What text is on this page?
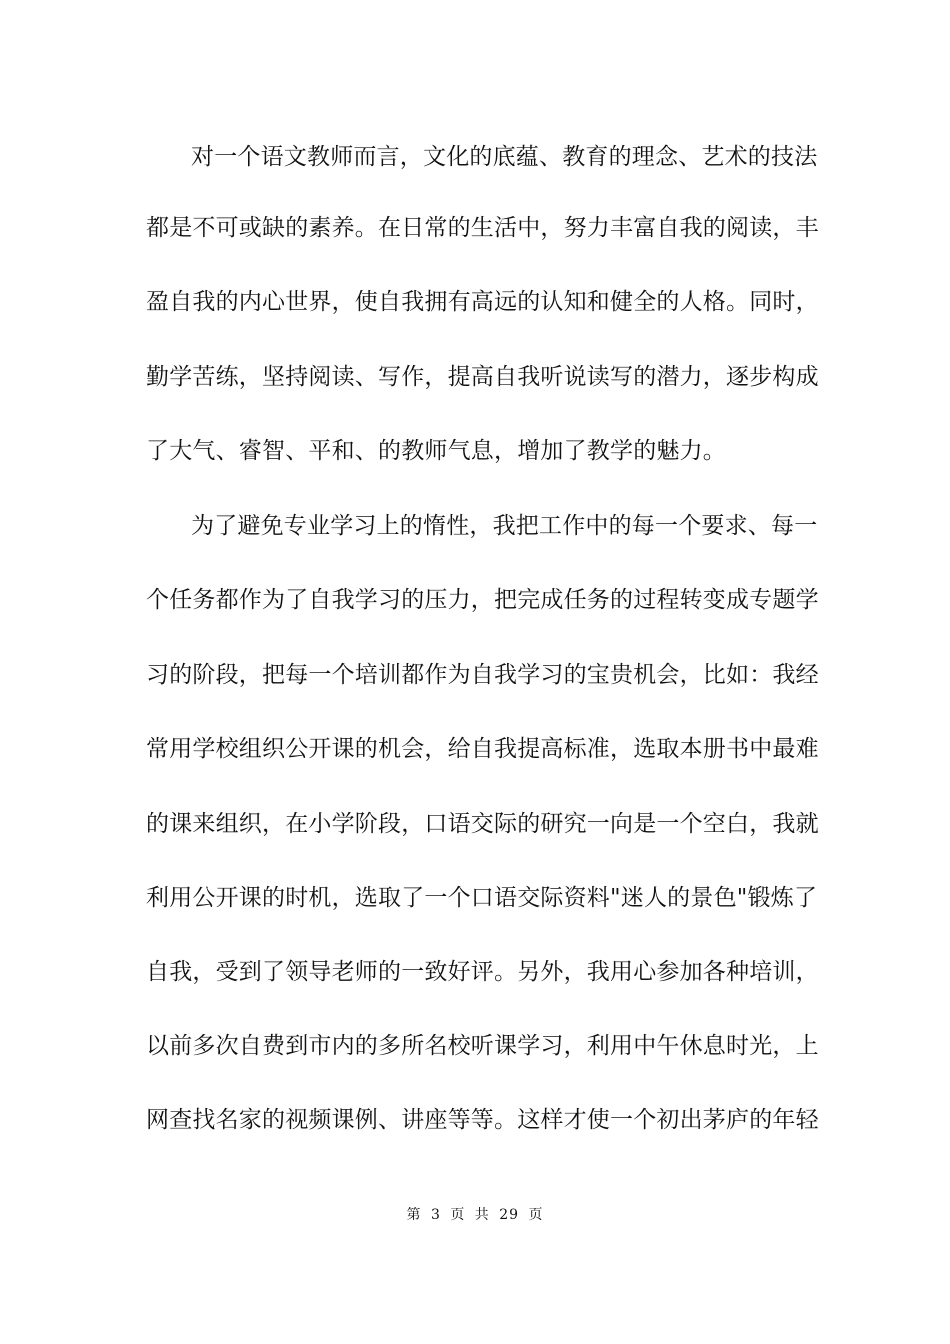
对一个语文教师而言，文化的底蕴、教育的理念、艺术的技法
都是不可或缺的素养。在日常的生活中，努力丰富自我的阅读，丰
盈自我的内心世界，使自我拥有高远的认知和健全的人格。同时，
勤学苦练，坚持阅读、写作，提高自我听说读写的潜力，逐步构成
了大气、睿智、平和、的教师气息，增加了教学的魅力。
为了避免专业学习上的惰性，我把工作中的每一个要求、每一
个任务都作为了自我学习的压力，把完成任务的过程转变成专题学
习的阶段，把每一个培训都作为自我学习的宝贵机会，比如：我经
常用学校组织公开课的机会，给自我提高标准，选取本册书中最难
的课来组织，在小学阶段，口语交际的研究一向是一个空白，我就
利用公开课的时机，选取了一个口语交际资料"迷人的景色"锻炼了
自我，受到了领导老师的一致好评。另外，我用心参加各种培训，
以前多次自费到市内的多所名校听课学习，利用中午休息时光，上
网查找名家的视频课例、讲座等等。这样才使一个初出茅庐的年轻
第 3 页 共 29 页
